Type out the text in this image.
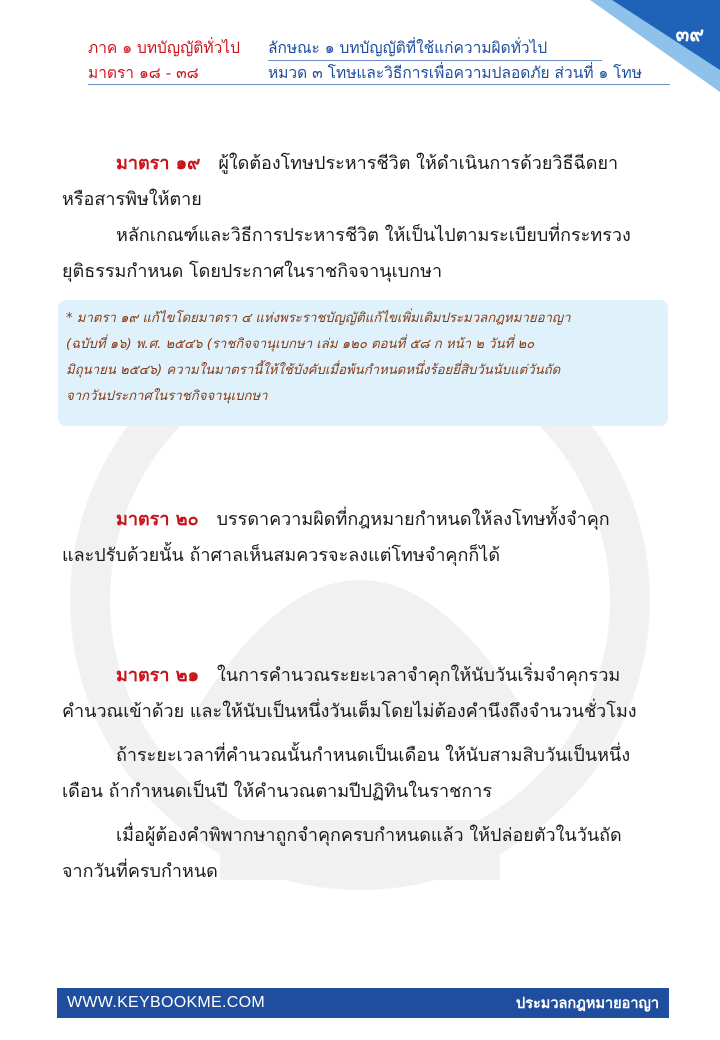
๓๙
ภาค ๑ บทบัญญัติทั่วไป
มาตรา ๑๘ - ๓๘
ลักษณะ ๑ บทบัญญัติที่ใช้แก่ความผิดทั่วไป
หมวด ๓ โทษและวิธีการเพื่อความปลอดภัย ส่วนที่ ๑ โทษ

มาตรา ๑๙ ผู้ใดต้องโทษประหารชีวิต ให้ดำเนินการด้วยวิธีฉีดยา

หรือสารพิษให้ตาย

หลักเกณฑ์และวิธีการประหารชีวิต ให้เป็นไปตามระเบียบที่กระทรวง

ยุติธรรมกำหนด โดยประกาศในราชกิจจานุเบกษา

* มาตรา ๑๙ แก้ไขโดยมาตรา ๔ แห่งพระราชบัญญัติแก้ไขเพิ่มเติมประมวลกฎหมายอาญา
(ฉบับที่ ๑๖) พ.ศ. ๒๕๔๖ (ราชกิจจานุเบกษา เล่ม ๑๒๐ ตอนที่ ๕๘ ก หน้า ๒ วันที่ ๒๐
มิถุนายน ๒๕๔๖) ความในมาตรานี้ให้ใช้บังคับเมื่อพ้นกำหนดหนึ่งร้อยยี่สิบวันนับแต่วันถัด
จากวันประกาศในราชกิจจานุเบกษา

มาตรา ๒๐ บรรดาความผิดที่กฎหมายกำหนดให้ลงโทษทั้งจำคุก

และปรับด้วยนั้น ถ้าศาลเห็นสมควรจะลงแต่โทษจำคุกก็ได้

มาตรา ๒๑ ในการคำนวณระยะเวลาจำคุกให้นับวันเริ่มจำคุกรวม

คำนวณเข้าด้วย และให้นับเป็นหนึ่งวันเต็มโดยไม่ต้องคำนึงถึงจำนวนชั่วโมง

ถ้าระยะเวลาที่คำนวณนั้นกำหนดเป็นเดือน ให้นับสามสิบวันเป็นหนึ่ง

เดือน ถ้ากำหนดเป็นปี ให้คำนวณตามปีปฏิทินในราชการ

เมื่อผู้ต้องคำพิพากษาถูกจำคุกครบกำหนดแล้ว ให้ปล่อยตัวในวันถัด

จากวันที่ครบกำหนด

WWW.KEYBOOKME.COM	ประมวลกฎหมายอาญา
